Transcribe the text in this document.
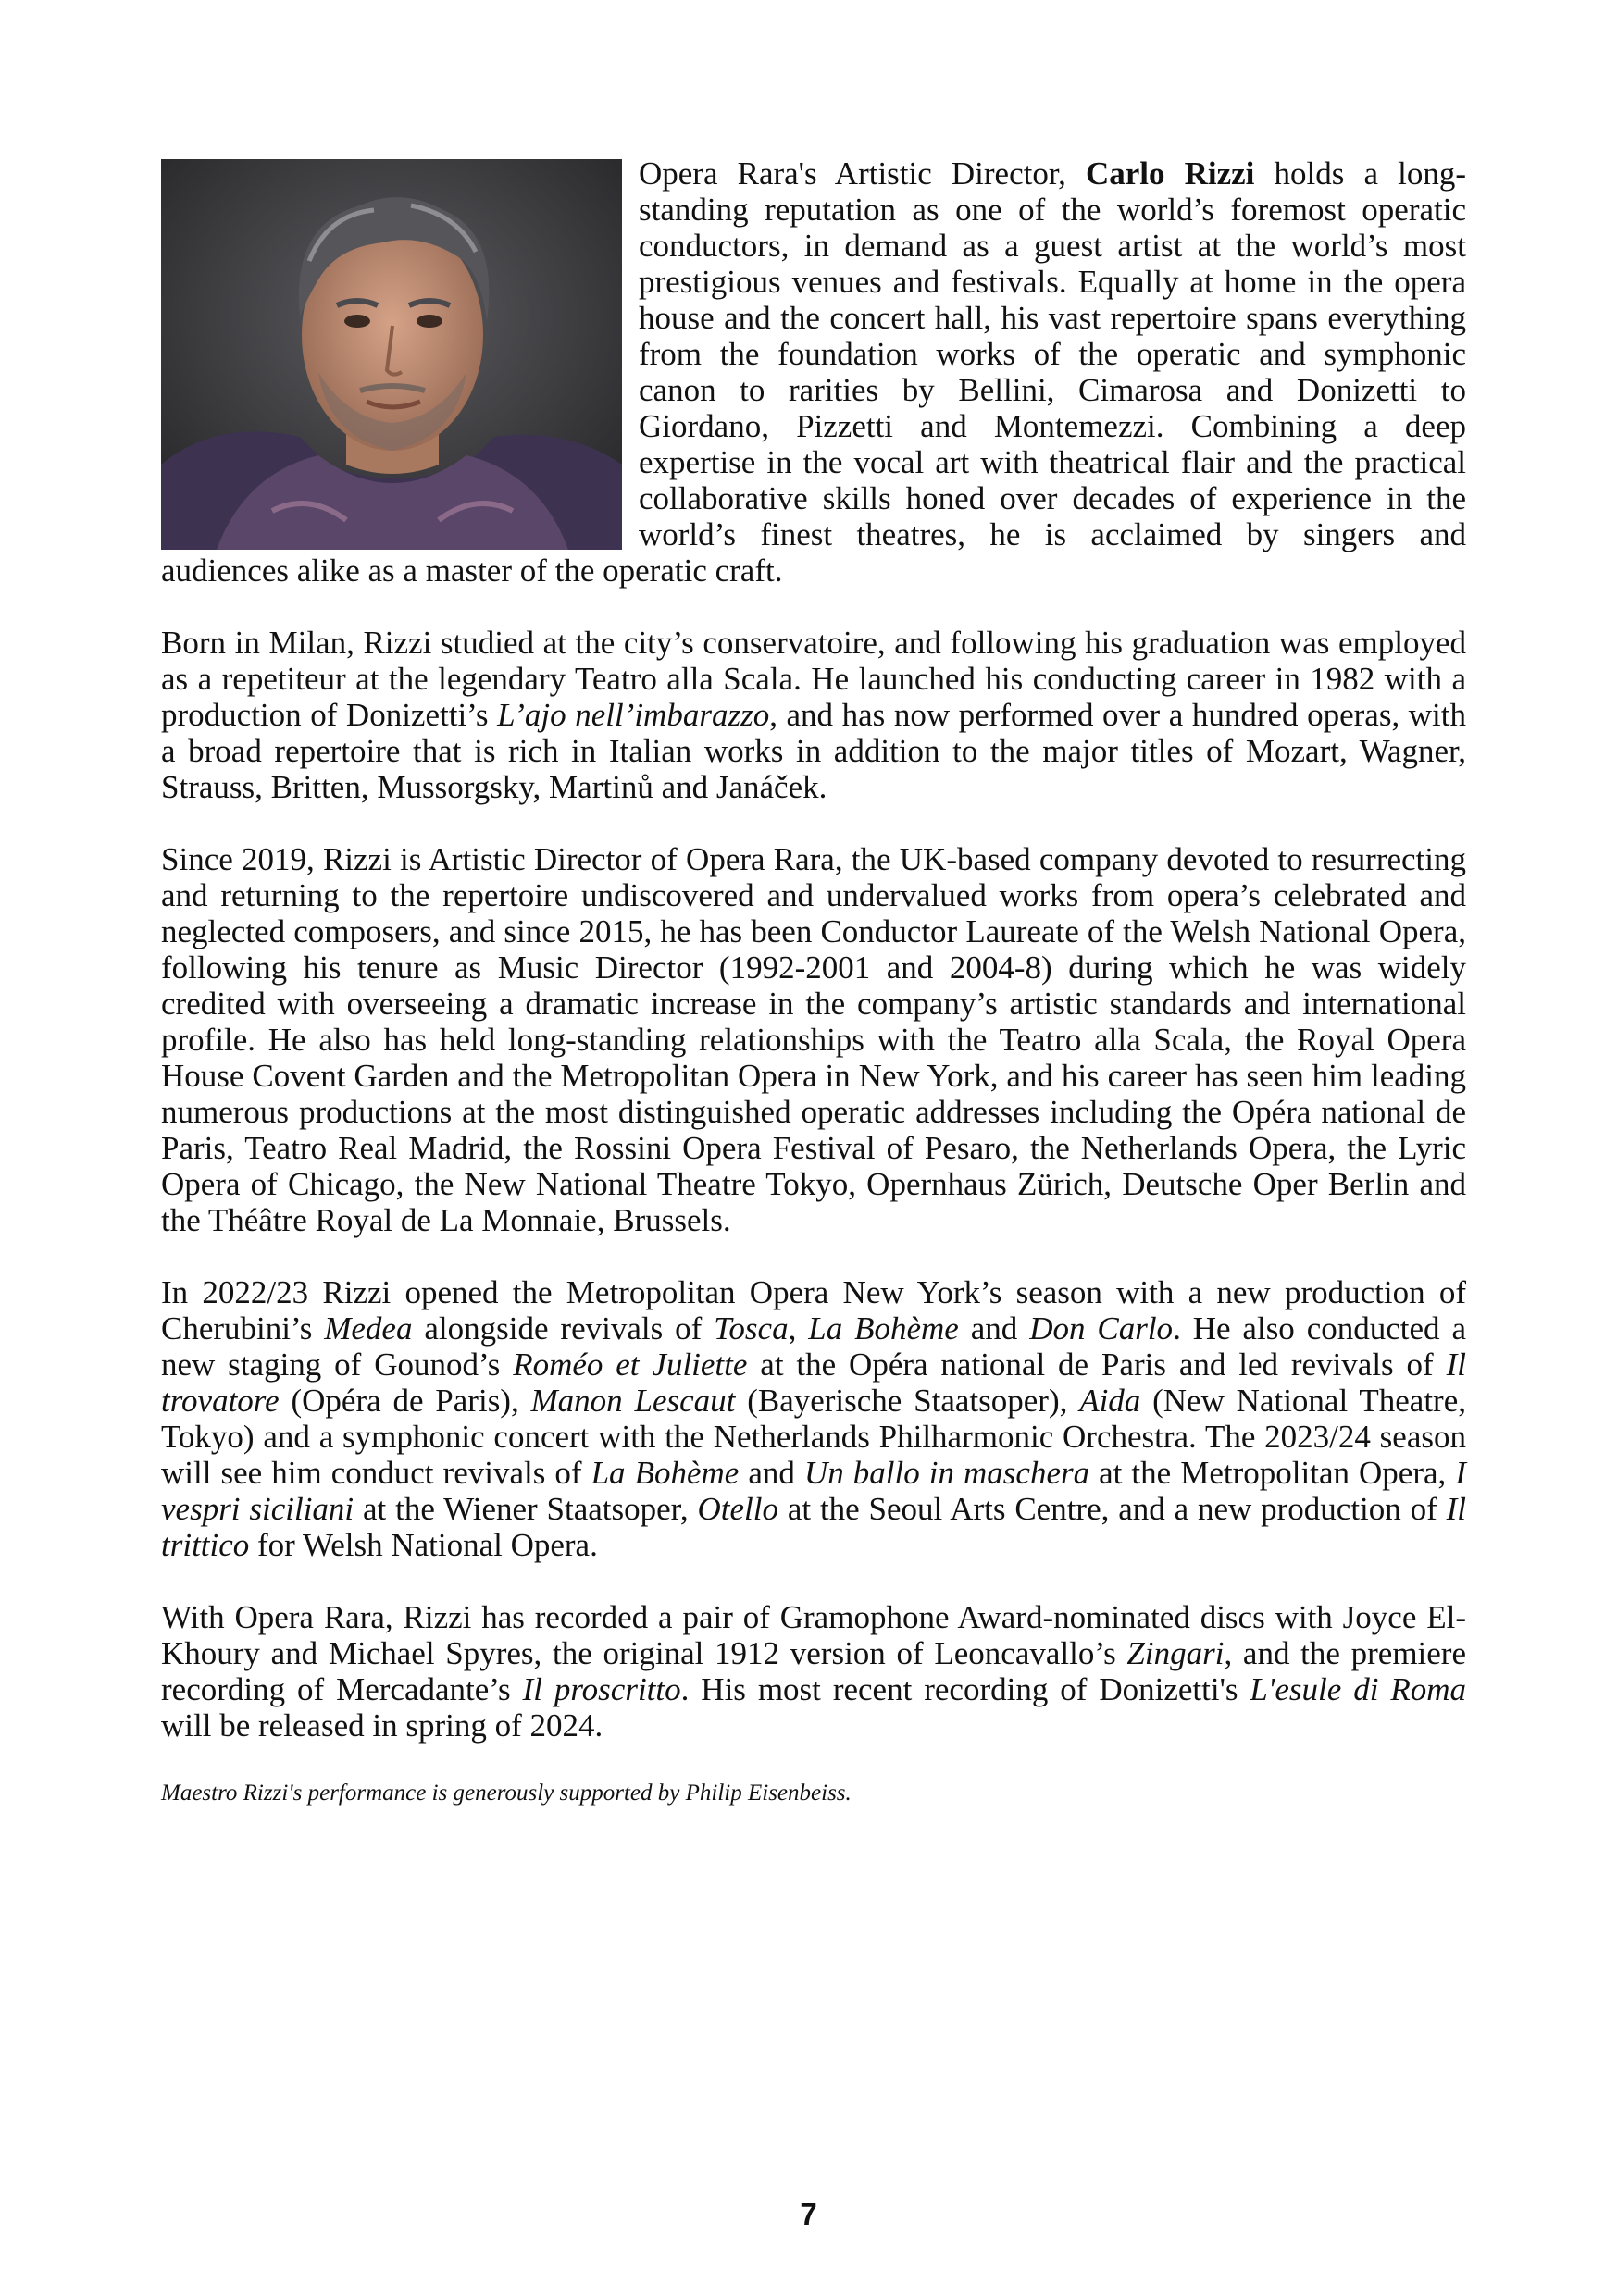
Opera Rara's Artistic Director, Carlo Rizzi holds a long-standing reputation as one of the world’s foremost operatic conductors, in demand as a guest artist at the world’s most prestigious venues and festivals. Equally at home in the opera house and the concert hall, his vast repertoire spans everything from the foundation works of the operatic and symphonic canon to rarities by Bellini, Cimarosa and Donizetti to Giordano, Pizzetti and Montemezzi. Combining a deep expertise in the vocal art with theatrical flair and the practical collaborative skills honed over decades of experience in the world’s finest theatres, he is acclaimed by singers and audiences alike as a master of the operatic craft.

Born in Milan, Rizzi studied at the city’s conservatoire, and following his graduation was employed as a repetiteur at the legendary Teatro alla Scala. He launched his conducting career in 1982 with a production of Donizetti’s L’ajo nell’imbarazzo, and has now performed over a hundred operas, with a broad repertoire that is rich in Italian works in addition to the major titles of Mozart, Wagner, Strauss, Britten, Mussorgsky, Martinů and Janáček.

Since 2019, Rizzi is Artistic Director of Opera Rara, the UK-based company devoted to resurrecting and returning to the repertoire undiscovered and undervalued works from opera’s celebrated and neglected composers, and since 2015, he has been Conductor Laureate of the Welsh National Opera, following his tenure as Music Director (1992-2001 and 2004-8) during which he was widely credited with overseeing a dramatic increase in the company’s artistic standards and international profile. He also has held long-standing relationships with the Teatro alla Scala, the Royal Opera House Covent Garden and the Metropolitan Opera in New York, and his career has seen him leading numerous productions at the most distinguished operatic addresses including the Opéra national de Paris, Teatro Real Madrid, the Rossini Opera Festival of Pesaro, the Netherlands Opera, the Lyric Opera of Chicago, the New National Theatre Tokyo, Opernhaus Zürich, Deutsche Oper Berlin and the Théâtre Royal de La Monnaie, Brussels.

In 2022/23 Rizzi opened the Metropolitan Opera New York’s season with a new production of Cherubini’s Medea alongside revivals of Tosca, La Bohème and Don Carlo. He also conducted a new staging of Gounod’s Roméo et Juliette at the Opéra national de Paris and led revivals of Il trovatore (Opéra de Paris), Manon Lescaut (Bayerische Staatsoper), Aida (New National Theatre, Tokyo) and a symphonic concert with the Netherlands Philharmonic Orchestra. The 2023/24 season will see him conduct revivals of La Bohème and Un ballo in maschera at the Metropolitan Opera, I vespri siciliani at the Wiener Staatsoper, Otello at the Seoul Arts Centre, and a new production of Il trittico for Welsh National Opera.

With Opera Rara, Rizzi has recorded a pair of Gramophone Award-nominated discs with Joyce El-Khoury and Michael Spyres, the original 1912 version of Leoncavallo’s Zingari, and the premiere recording of Mercadante’s Il proscritto. His most recent recording of Donizetti's L'esule di Roma will be released in spring of 2024.

Maestro Rizzi's performance is generously supported by Philip Eisenbeiss.

7
